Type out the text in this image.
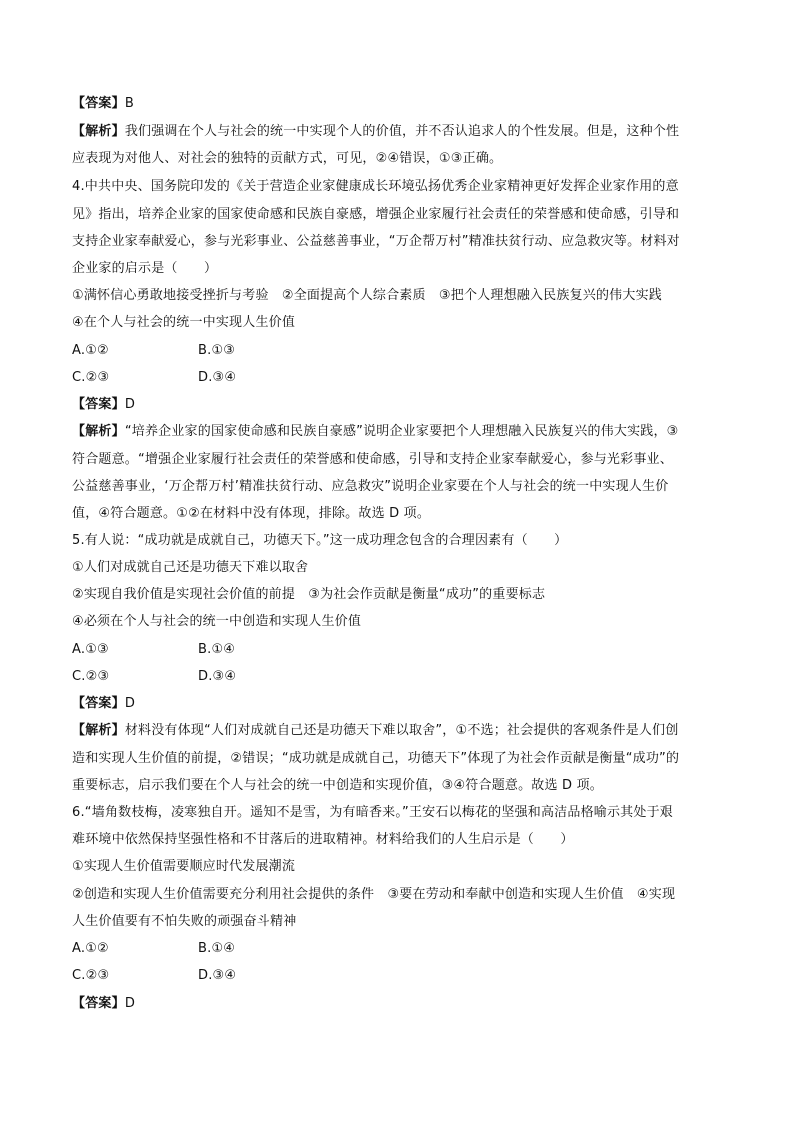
【答案】B
【解析】我们强调在个人与社会的统一中实现个人的价值，并不否认追求人的个性发展。但是，这种个性
应表现为对他人、对社会的独特的贡献方式，可见，②④错误，①③正确。
4.中共中央、国务院印发的《关于营造企业家健康成长环境弘扬优秀企业家精神更好发挥企业家作用的意
见》指出，培养企业家的国家使命感和民族自豪感，增强企业家履行社会责任的荣誉感和使命感，引导和
支持企业家奉献爱心，参与光彩事业、公益慈善事业，“万企帮万村”精准扶贫行动、应急救灾等。材料对
企业家的启示是（　　）
①满怀信心勇敢地接受挫折与考验　②全面提高个人综合素质　③把个人理想融入民族复兴的伟大实践
④在个人与社会的统一中实现人生价值
A.①②	B.①③
C.②③	D.③④
【答案】D
【解析】“培养企业家的国家使命感和民族自豪感”说明企业家要把个人理想融入民族复兴的伟大实践，③
符合题意。“增强企业家履行社会责任的荣誉感和使命感，引导和支持企业家奉献爱心，参与光彩事业、
公益慈善事业，‘万企帮万村’精准扶贫行动、应急救灾”说明企业家要在个人与社会的统一中实现人生价
值，④符合题意。①②在材料中没有体现，排除。故选 D 项。
5.有人说：“成功就是成就自己，功德天下。”这一成功理念包含的合理因素有（　　）
①人们对成就自己还是功德天下难以取舍
②实现自我价值是实现社会价值的前提　③为社会作贡献是衡量“成功”的重要标志
④必须在个人与社会的统一中创造和实现人生价值
A.①③	B.①④
C.②③	D.③④
【答案】D
【解析】材料没有体现“人们对成就自己还是功德天下难以取舍”，①不选；社会提供的客观条件是人们创
造和实现人生价值的前提，②错误；“成功就是成就自己，功德天下”体现了为社会作贡献是衡量“成功”的
重要标志，启示我们要在个人与社会的统一中创造和实现价值，③④符合题意。故选 D 项。
6.“墙角数枝梅，凌寒独自开。遥知不是雪，为有暗香来。”王安石以梅花的坚强和高洁品格喻示其处于艰
难环境中依然保持坚强性格和不甘落后的进取精神。材料给我们的人生启示是（　　）
①实现人生价值需要顺应时代发展潮流
②创造和实现人生价值需要充分利用社会提供的条件　③要在劳动和奉献中创造和实现人生价值　④实现
人生价值要有不怕失败的顽强奋斗精神
A.①②	B.①④
C.②③	D.③④
【答案】D
